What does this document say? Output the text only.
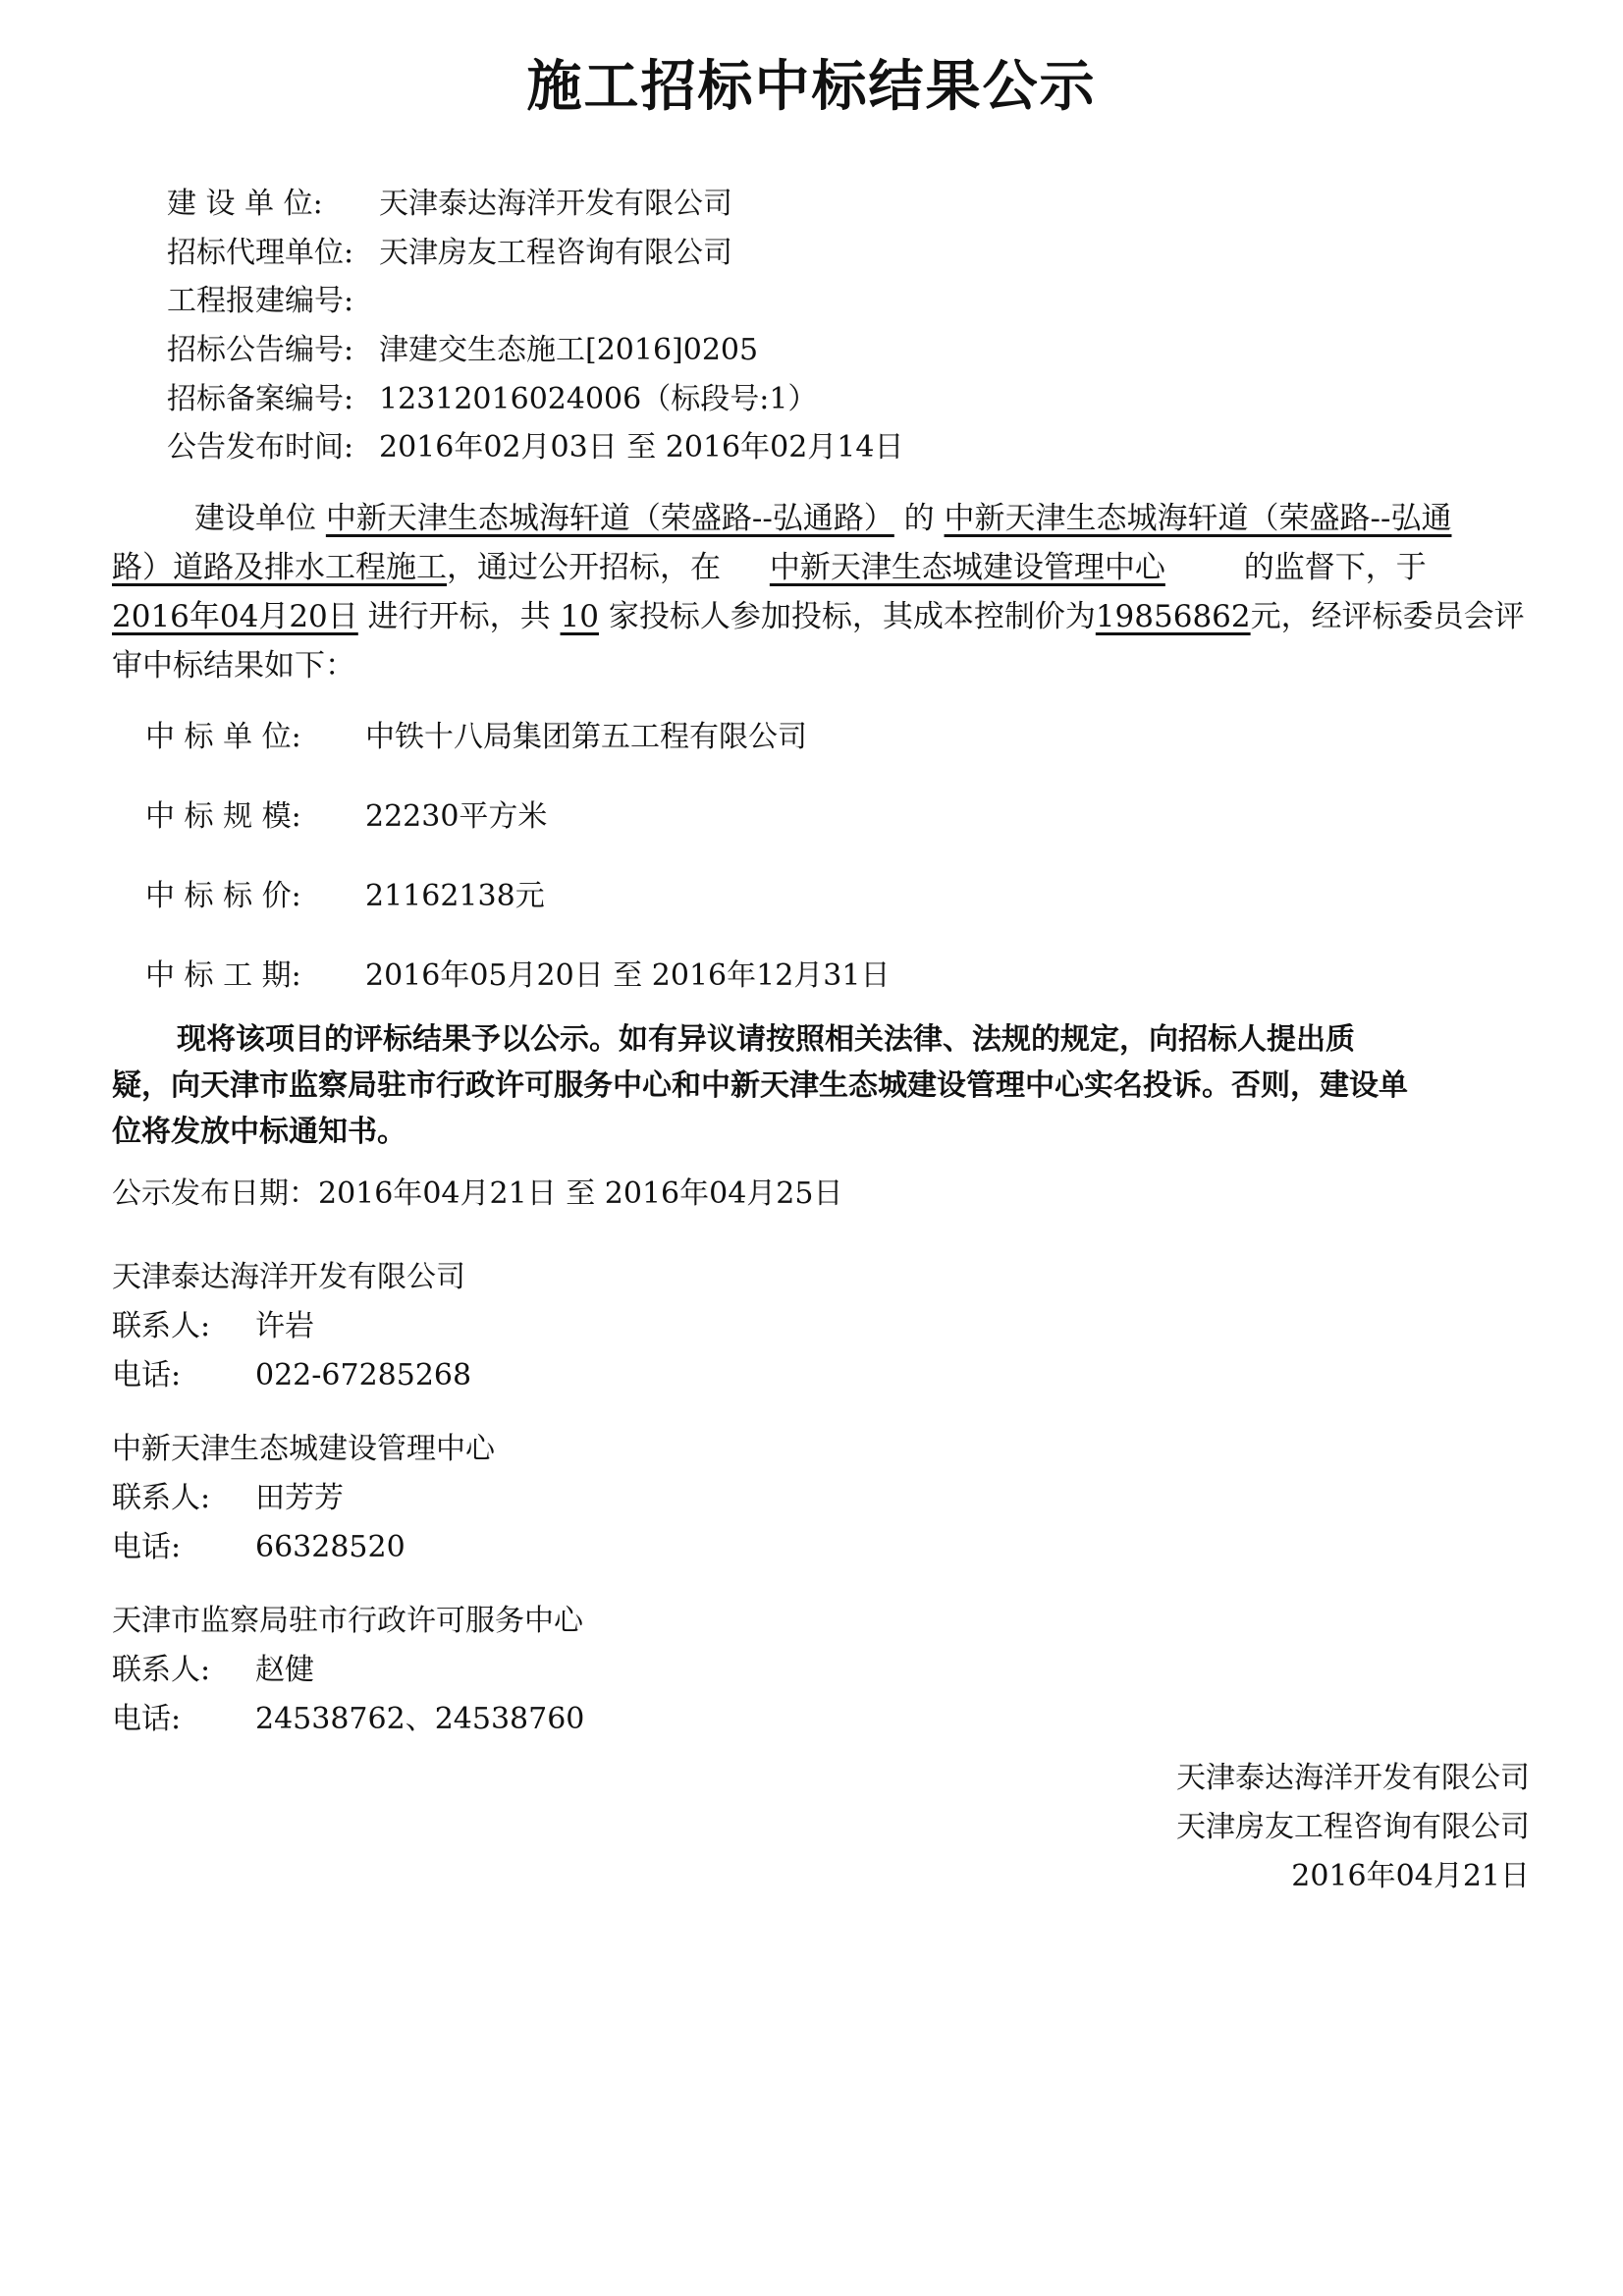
施工招标中标结果公示
建 设 单 位: 天津泰达海洋开发有限公司
招标代理单位: 天津房友工程咨询有限公司
工程报建编号:
招标公告编号: 津建交生态施工[2016]0205
招标备案编号: 12312016024006（标段号:1）
公告发布时间: 2016年02月03日 至 2016年02月14日

建设单位 中新天津生态城海轩道（荣盛路--弘通路） 的 中新天津生态城海轩道（荣盛路--弘通

路）道路及排水工程施工，通过公开招标，在 中新天津生态城建设管理中心 的监督下，于

2016年04月20日 进行开标，共 10 家投标人参加投标，其成本控制价为19856862元，经评标委员会评

审中标结果如下：

中 标 单 位: 中铁十八局集团第五工程有限公司
中 标 规 模: 22230平方米
中 标 标 价: 21162138元
中 标 工 期: 2016年05月20日 至 2016年12月31日

现将该项目的评标结果予以公示。如有异议请按照相关法律、法规的规定，向招标人提出质

疑，向天津市监察局驻市行政许可服务中心和中新天津生态城建设管理中心实名投诉。否则，建设单

位将发放中标通知书。

公示发布日期：2016年04月21日 至 2016年04月25日
天津泰达海洋开发有限公司
联系人: 许岩
电话:	022-67285268
中新天津生态城建设管理中心
联系人: 田芳芳
电话:	66328520
天津市监察局驻市行政许可服务中心
联系人: 赵健
电话:	24538762、24538760
天津泰达海洋开发有限公司
天津房友工程咨询有限公司
2016年04月21日
